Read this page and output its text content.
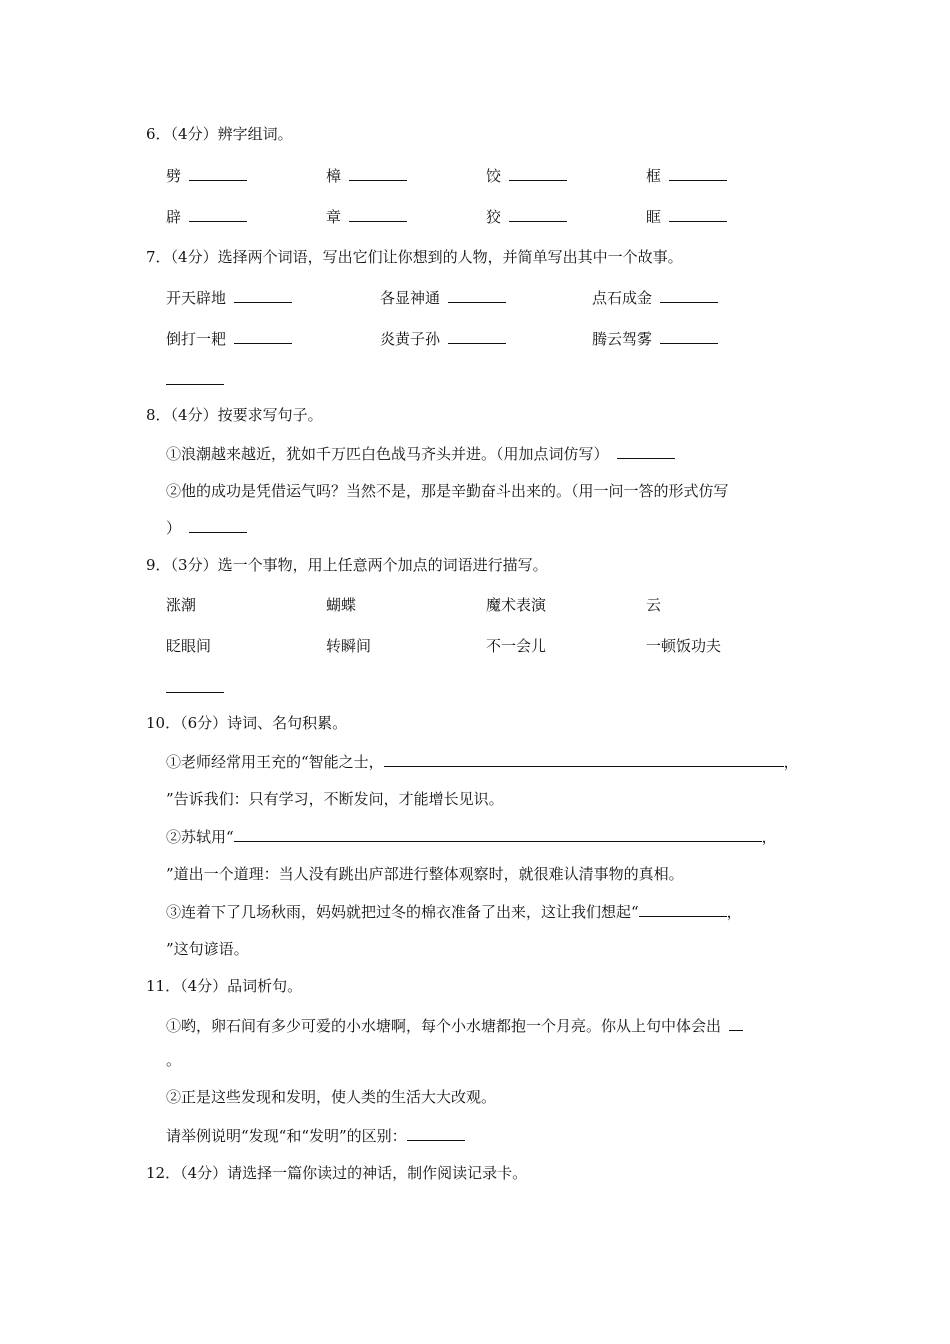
6．（4分）辨字组词。
劈	樟	饺	框
辟	章	狡	眶
7．（4分）选择两个词语，写出它们让你想到的人物，并简单写出其中一个故事。
开天辟地	各显神通	点石成金
倒打一耙	炎黄子孙	腾云驾雾
8．（4分）按要求写句子。
①浪潮越来越近，犹如千万匹白色战马齐头并进。（用加点词仿写）
②他的成功是凭借运气吗？当然不是，那是辛勤奋斗出来的。（用一问一答的形式仿写
）
9．（3分）选一个事物，用上任意两个加点的词语进行描写。
涨潮	蝴蝶	魔术表演	云
眨眼间	转瞬间	不一会儿	一顿饭功夫
10．（6分）诗词、名句积累。
①老师经常用王充的“智能之士，	，
”告诉我们：只有学习，不断发问，才能增长见识。
②苏轼用“	，
”道出一个道理：当人没有跳出庐部进行整体观察时，就很难认清事物的真相。
③连着下了几场秋雨，妈妈就把过冬的棉衣准备了出来，这让我们想起“	，
”这句谚语。
11．（4分）品词析句。
①哟，卵石间有多少可爱的小水塘啊，每个小水塘都抱一个月亮。你从上句中体会出
。
②正是这些发现和发明，使人类的生活大大改观。
请举例说明“发现“和“发明”的区别：
12．（4分）请选择一篇你读过的神话，制作阅读记录卡。
